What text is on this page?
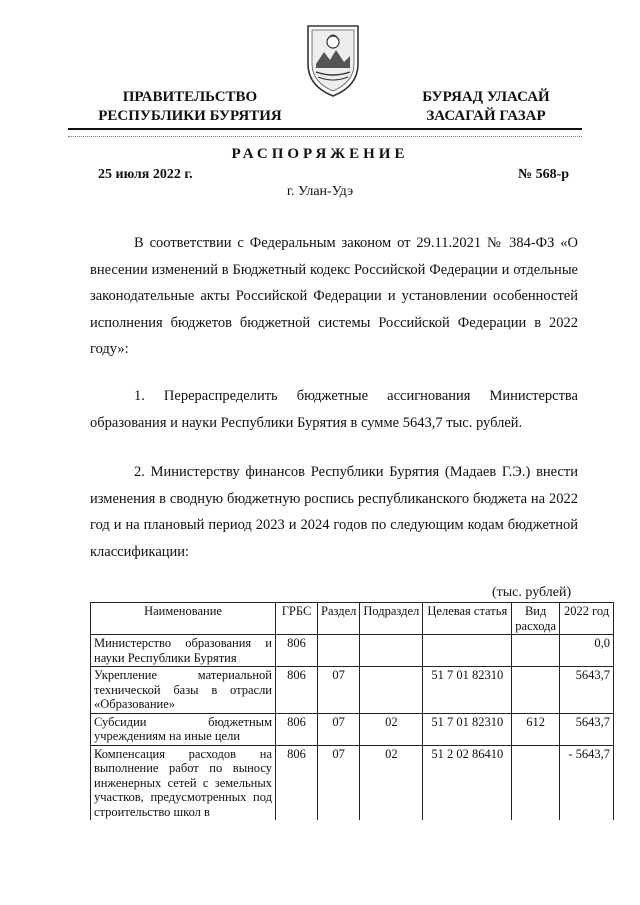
ПРАВИТЕЛЬСТВО
РЕСПУБЛИКИ БУРЯТИЯ
БУРЯАД УЛАСАЙ
ЗАСАГАЙ ГАЗАР
РАСПОРЯЖЕНИЕ
25 июля 2022 г.	№ 568-р
г. Улан-Удэ

В соответствии с Федеральным законом от 29.11.2021 № 384-ФЗ «О внесении изменений в Бюджетный кодекс Российской Федерации и отдельные законодательные акты Российской Федерации и установлении особенностей исполнения бюджетов бюджетной системы Российской Федерации в 2022 году»:

1. Перераспределить бюджетные ассигнования Министерства образования и науки Республики Бурятия в сумме 5643,7 тыс. рублей.

2. Министерству финансов Республики Бурятия (Мадаев Г.Э.) внести изменения в сводную бюджетную роспись республиканского бюджета на 2022 год и на плановый период 2023 и 2024 годов по следующим кодам бюджетной классификации:

(тыс. рублей)
Наименование	ГРБС	Раздел	Подраздел	Целевая статья	Вид расхода	2022 год
Министерство образования и науки Республики Бурятия	806					0,0
Укрепление материальной технической базы в отрасли «Образование»	806	07		51 7 01 82310		5643,7
Субсидии бюджетным учреждениям на иные цели	806	07	02	51 7 01 82310	612	5643,7
Компенсация расходов на выполнение работ по выносу инженерных сетей с земельных участков, предусмотренных под строительство школ в	806	07	02	51 2 02 86410		- 5643,7
